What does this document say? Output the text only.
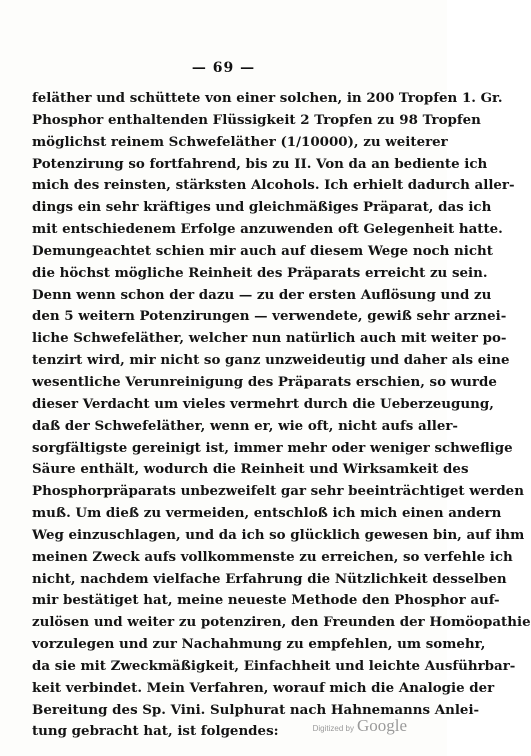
— 69 —
feläther und schüttete von einer solchen, in 200 Tropfen 1. Gr.
Phosphor enthaltenden Flüssigkeit 2 Tropfen zu 98 Tropfen
möglichst reinem Schwefeläther (1/10000), zu weiterer
Potenzirung so fortfahrend, bis zu II. Von da an bediente ich
mich des reinsten, stärksten Alcohols. Ich erhielt dadurch aller-
dings ein sehr kräftiges und gleichmäßiges Präparat, das ich
mit entschiedenem Erfolge anzuwenden oft Gelegenheit hatte.
Demungeachtet schien mir auch auf diesem Wege noch nicht
die höchst mögliche Reinheit des Präparats erreicht zu sein.
Denn wenn schon der dazu — zu der ersten Auflösung und zu
den 5 weitern Potenzirungen — verwendete, gewiß sehr arznei-
liche Schwefeläther, welcher nun natürlich auch mit weiter po-
tenzirt wird, mir nicht so ganz unzweideutig und daher als eine
wesentliche Verunreinigung des Präparats erschien, so wurde
dieser Verdacht um vieles vermehrt durch die Ueberzeugung,
daß der Schwefeläther, wenn er, wie oft, nicht aufs aller-
sorgfältigste gereinigt ist, immer mehr oder weniger schweflige
Säure enthält, wodurch die Reinheit und Wirksamkeit des
Phosphorpräparats unbezweifelt gar sehr beeinträchtiget werden
muß. Um dieß zu vermeiden, entschloß ich mich einen andern
Weg einzuschlagen, und da ich so glücklich gewesen bin, auf ihm
meinen Zweck aufs vollkommenste zu erreichen, so verfehle ich
nicht, nachdem vielfache Erfahrung die Nützlichkeit desselben
mir bestätiget hat, meine neueste Methode den Phosphor auf-
zulösen und weiter zu potenziren, den Freunden der Homöopathie
vorzulegen und zur Nachahmung zu empfehlen, um somehr,
da sie mit Zweckmäßigkeit, Einfachheit und leichte Ausführbar-
keit verbindet. Mein Verfahren, worauf mich die Analogie der
Bereitung des Sp. Vini. Sulphurat nach Hahnemanns Anlei-
tung gebracht hat, ist folgendes:	Digitized by Google
